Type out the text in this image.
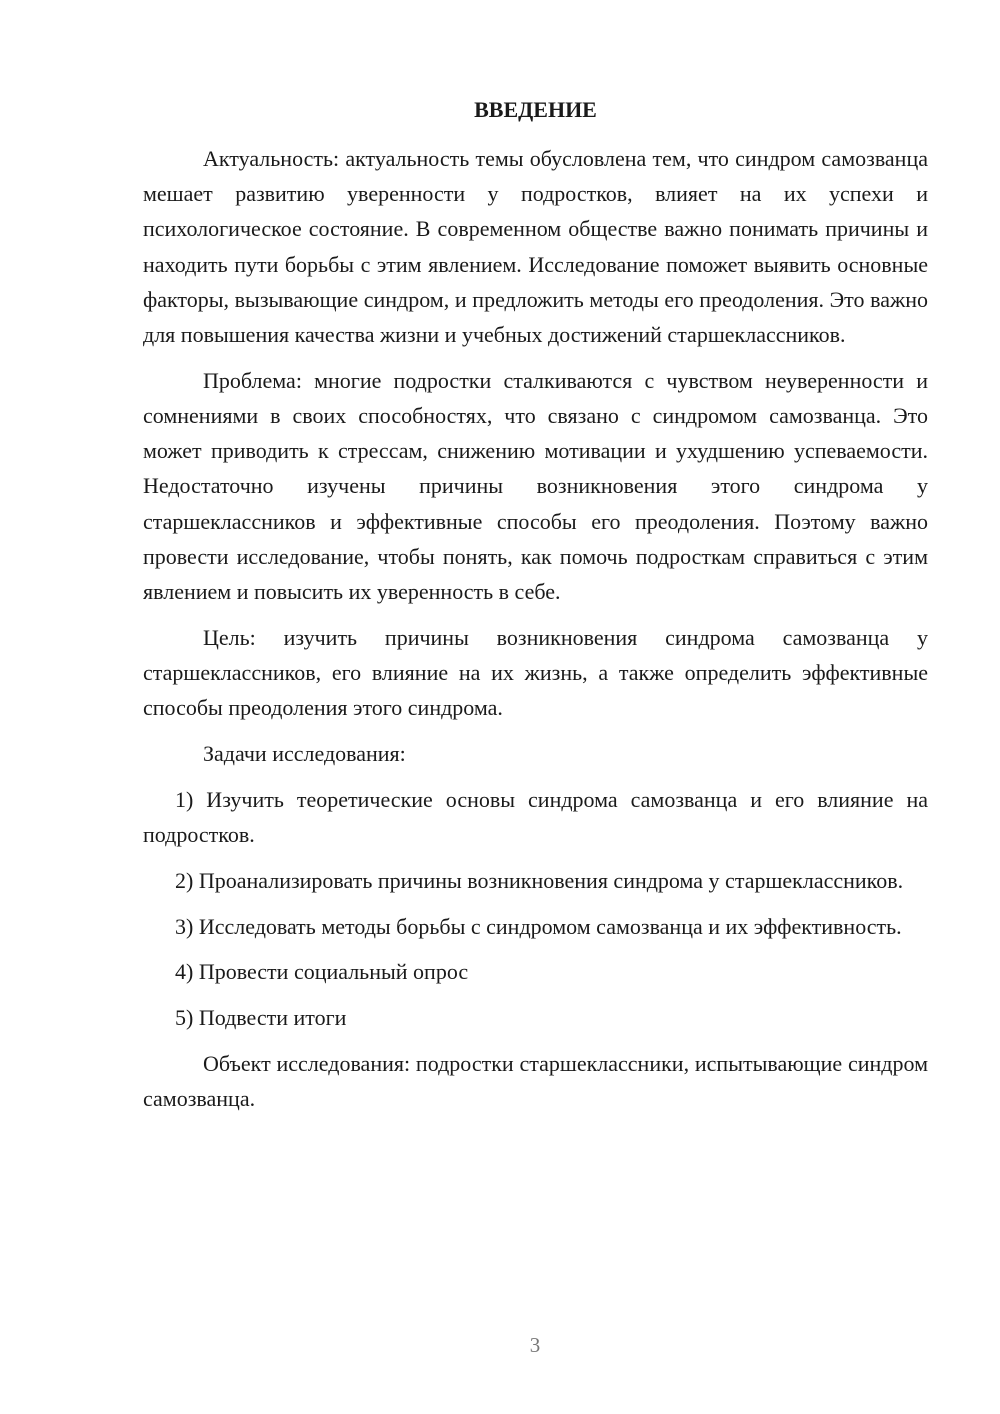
ВВЕДЕНИЕ

Актуальность: актуальность темы обусловлена тем, что синдром самозванца мешает развитию уверенности у подростков, влияет на их успехи и психологическое состояние. В современном обществе важно понимать причины и находить пути борьбы с этим явлением. Исследование поможет выявить основные факторы, вызывающие синдром, и предложить методы его преодоления. Это важно для повышения качества жизни и учебных достижений старшеклассников.

Проблема: многие подростки сталкиваются с чувством неуверенности и сомнениями в своих способностях, что связано с синдромом самозванца. Это может приводить к стрессам, снижению мотивации и ухудшению успеваемости. Недостаточно изучены причины возникновения этого синдрома у старшеклассников и эффективные способы его преодоления. Поэтому важно провести исследование, чтобы понять, как помочь подросткам справиться с этим явлением и повысить их уверенность в себе.

Цель: изучить причины возникновения синдрома самозванца у старшеклассников, его влияние на их жизнь, а также определить эффективные способы преодоления этого синдрома.

Задачи исследования:

1) Изучить теоретические основы синдрома самозванца и его влияние на подростков.

2) Проанализировать причины возникновения синдрома у старшеклассников.

3) Исследовать методы борьбы с синдромом самозванца и их эффективность.

4) Провести социальный опрос

5) Подвести итоги

Объект исследования: подростки старшеклассники, испытывающие синдром самозванца.

3
